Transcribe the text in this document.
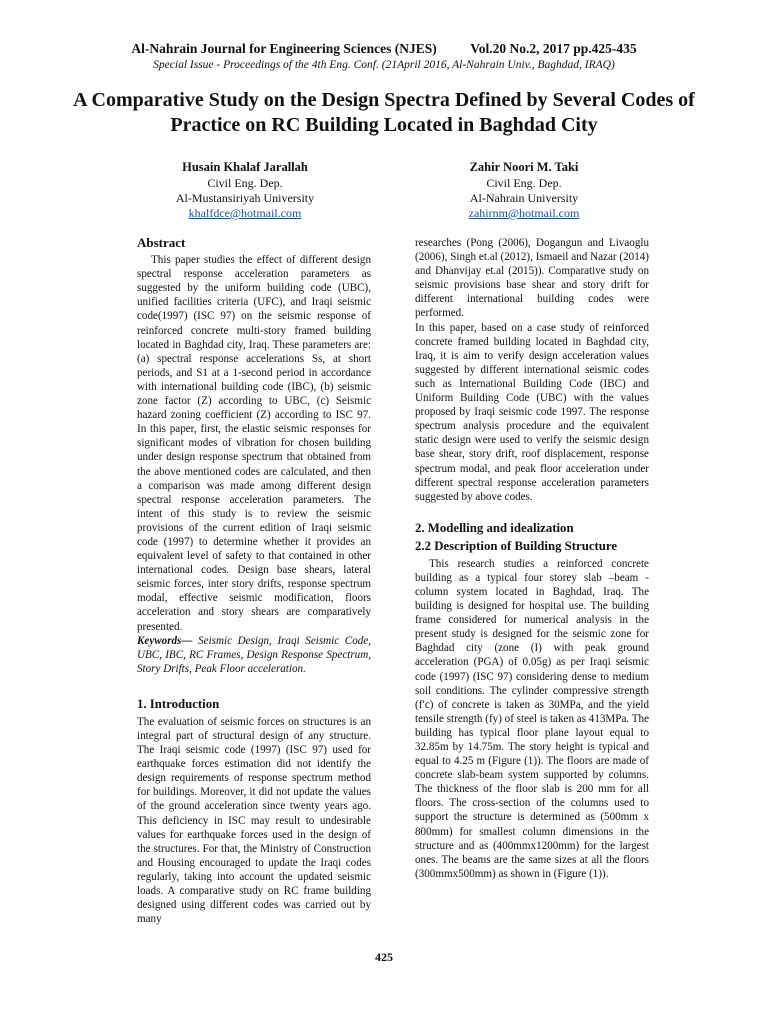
Al-Nahrain Journal for Engineering Sciences (NJES) Vol.20 No.2, 2017 pp.425-435
Special Issue - Proceedings of the 4th Eng. Conf. (21April 2016, Al-Nahrain Univ., Baghdad, IRAQ)
A Comparative Study on the Design Spectra Defined by Several Codes of Practice on RC Building Located in Baghdad City
Husain Khalaf Jarallah
Civil Eng. Dep.
Al-Mustansiriyah University
khalfdce@hotmail.com
Zahir Noori M. Taki
Civil Eng. Dep.
Al-Nahrain University
zahirnm@hotmail.com
Abstract

This paper studies the effect of different design spectral response acceleration parameters as suggested by the uniform building code (UBC), unified facilities criteria (UFC), and Iraqi seismic code(1997) (ISC 97) on the seismic response of reinforced concrete multi-story framed building located in Baghdad city, Iraq. These parameters are: (a) spectral response accelerations Ss, at short periods, and S1 at a 1-second period in accordance with international building code (IBC), (b) seismic zone factor (Z) according to UBC, (c) Seismic hazard zoning coefficient (Z) according to ISC 97. In this paper, first, the elastic seismic responses for significant modes of vibration for chosen building under design response spectrum that obtained from the above mentioned codes are calculated, and then a comparison was made among different design spectral response acceleration parameters. The intent of this study is to review the seismic provisions of the current edition of Iraqi seismic code (1997) to determine whether it provides an equivalent level of safety to that contained in other international codes. Design base shears, lateral seismic forces, inter story drifts, response spectrum modal, effective seismic modification, floors acceleration and story shears are comparatively presented.

Keywords— Seismic Design, Iraqi Seismic Code, UBC, IBC, RC Frames, Design Response Spectrum, Story Drifts, Peak Floor acceleration.

1. Introduction

The evaluation of seismic forces on structures is an integral part of structural design of any structure. The Iraqi seismic code (1997) (ISC 97) used for earthquake forces estimation did not identify the design requirements of response spectrum method for buildings. Moreover, it did not update the values of the ground acceleration since twenty years ago. This deficiency in ISC may result to undesirable values for earthquake forces used in the design of the structures. For that, the Ministry of Construction and Housing encouraged to update the Iraqi codes regularly, taking into account the updated seismic loads. A comparative study on RC frame building designed using different codes was carried out by many

researches (Pong (2006), Dogangun and Livaoglu (2006), Singh et.al (2012), Ismaeil and Nazar (2014) and Dhanvijay et.al (2015)). Comparative study on seismic provisions base shear and story drift for different international building codes were performed.

In this paper, based on a case study of reinforced concrete framed building located in Baghdad city, Iraq, it is aim to verify design acceleration values suggested by different international seismic codes such as International Building Code (IBC) and Uniform Building Code (UBC) with the values proposed by Iraqi seismic code 1997. The response spectrum analysis procedure and the equivalent static design were used to verify the seismic design base shear, story drift, roof displacement, response spectrum modal, and peak floor acceleration under different spectral response acceleration parameters suggested by above codes.

2. Modelling and idealization
2.2 Description of Building Structure

This research studies a reinforced concrete building as a typical four storey slab –beam - column system located in Baghdad, Iraq. The building is designed for hospital use. The building frame considered for numerical analysis in the present study is designed for the seismic zone for Baghdad city (zone (I) with peak ground acceleration (PGA) of 0.05g) as per Iraqi seismic code (1997) (ISC 97) considering dense to medium soil conditions. The cylinder compressive strength (f′c) of concrete is taken as 30MPa, and the yield tensile strength (fy) of steel is taken as 413MPa. The building has typical floor plane layout equal to 32.85m by 14.75m. The story height is typical and equal to 4.25 m (Figure (1)). The floors are made of concrete slab-beam system supported by columns. The thickness of the floor slab is 200 mm for all floors. The cross-section of the columns used to support the structure is determined as (500mm x 800mm) for smallest column dimensions in the structure and as (400mmx1200mm) for the largest ones. The beams are the same sizes at all the floors (300mmx500mm) as shown in (Figure (1)).

425
